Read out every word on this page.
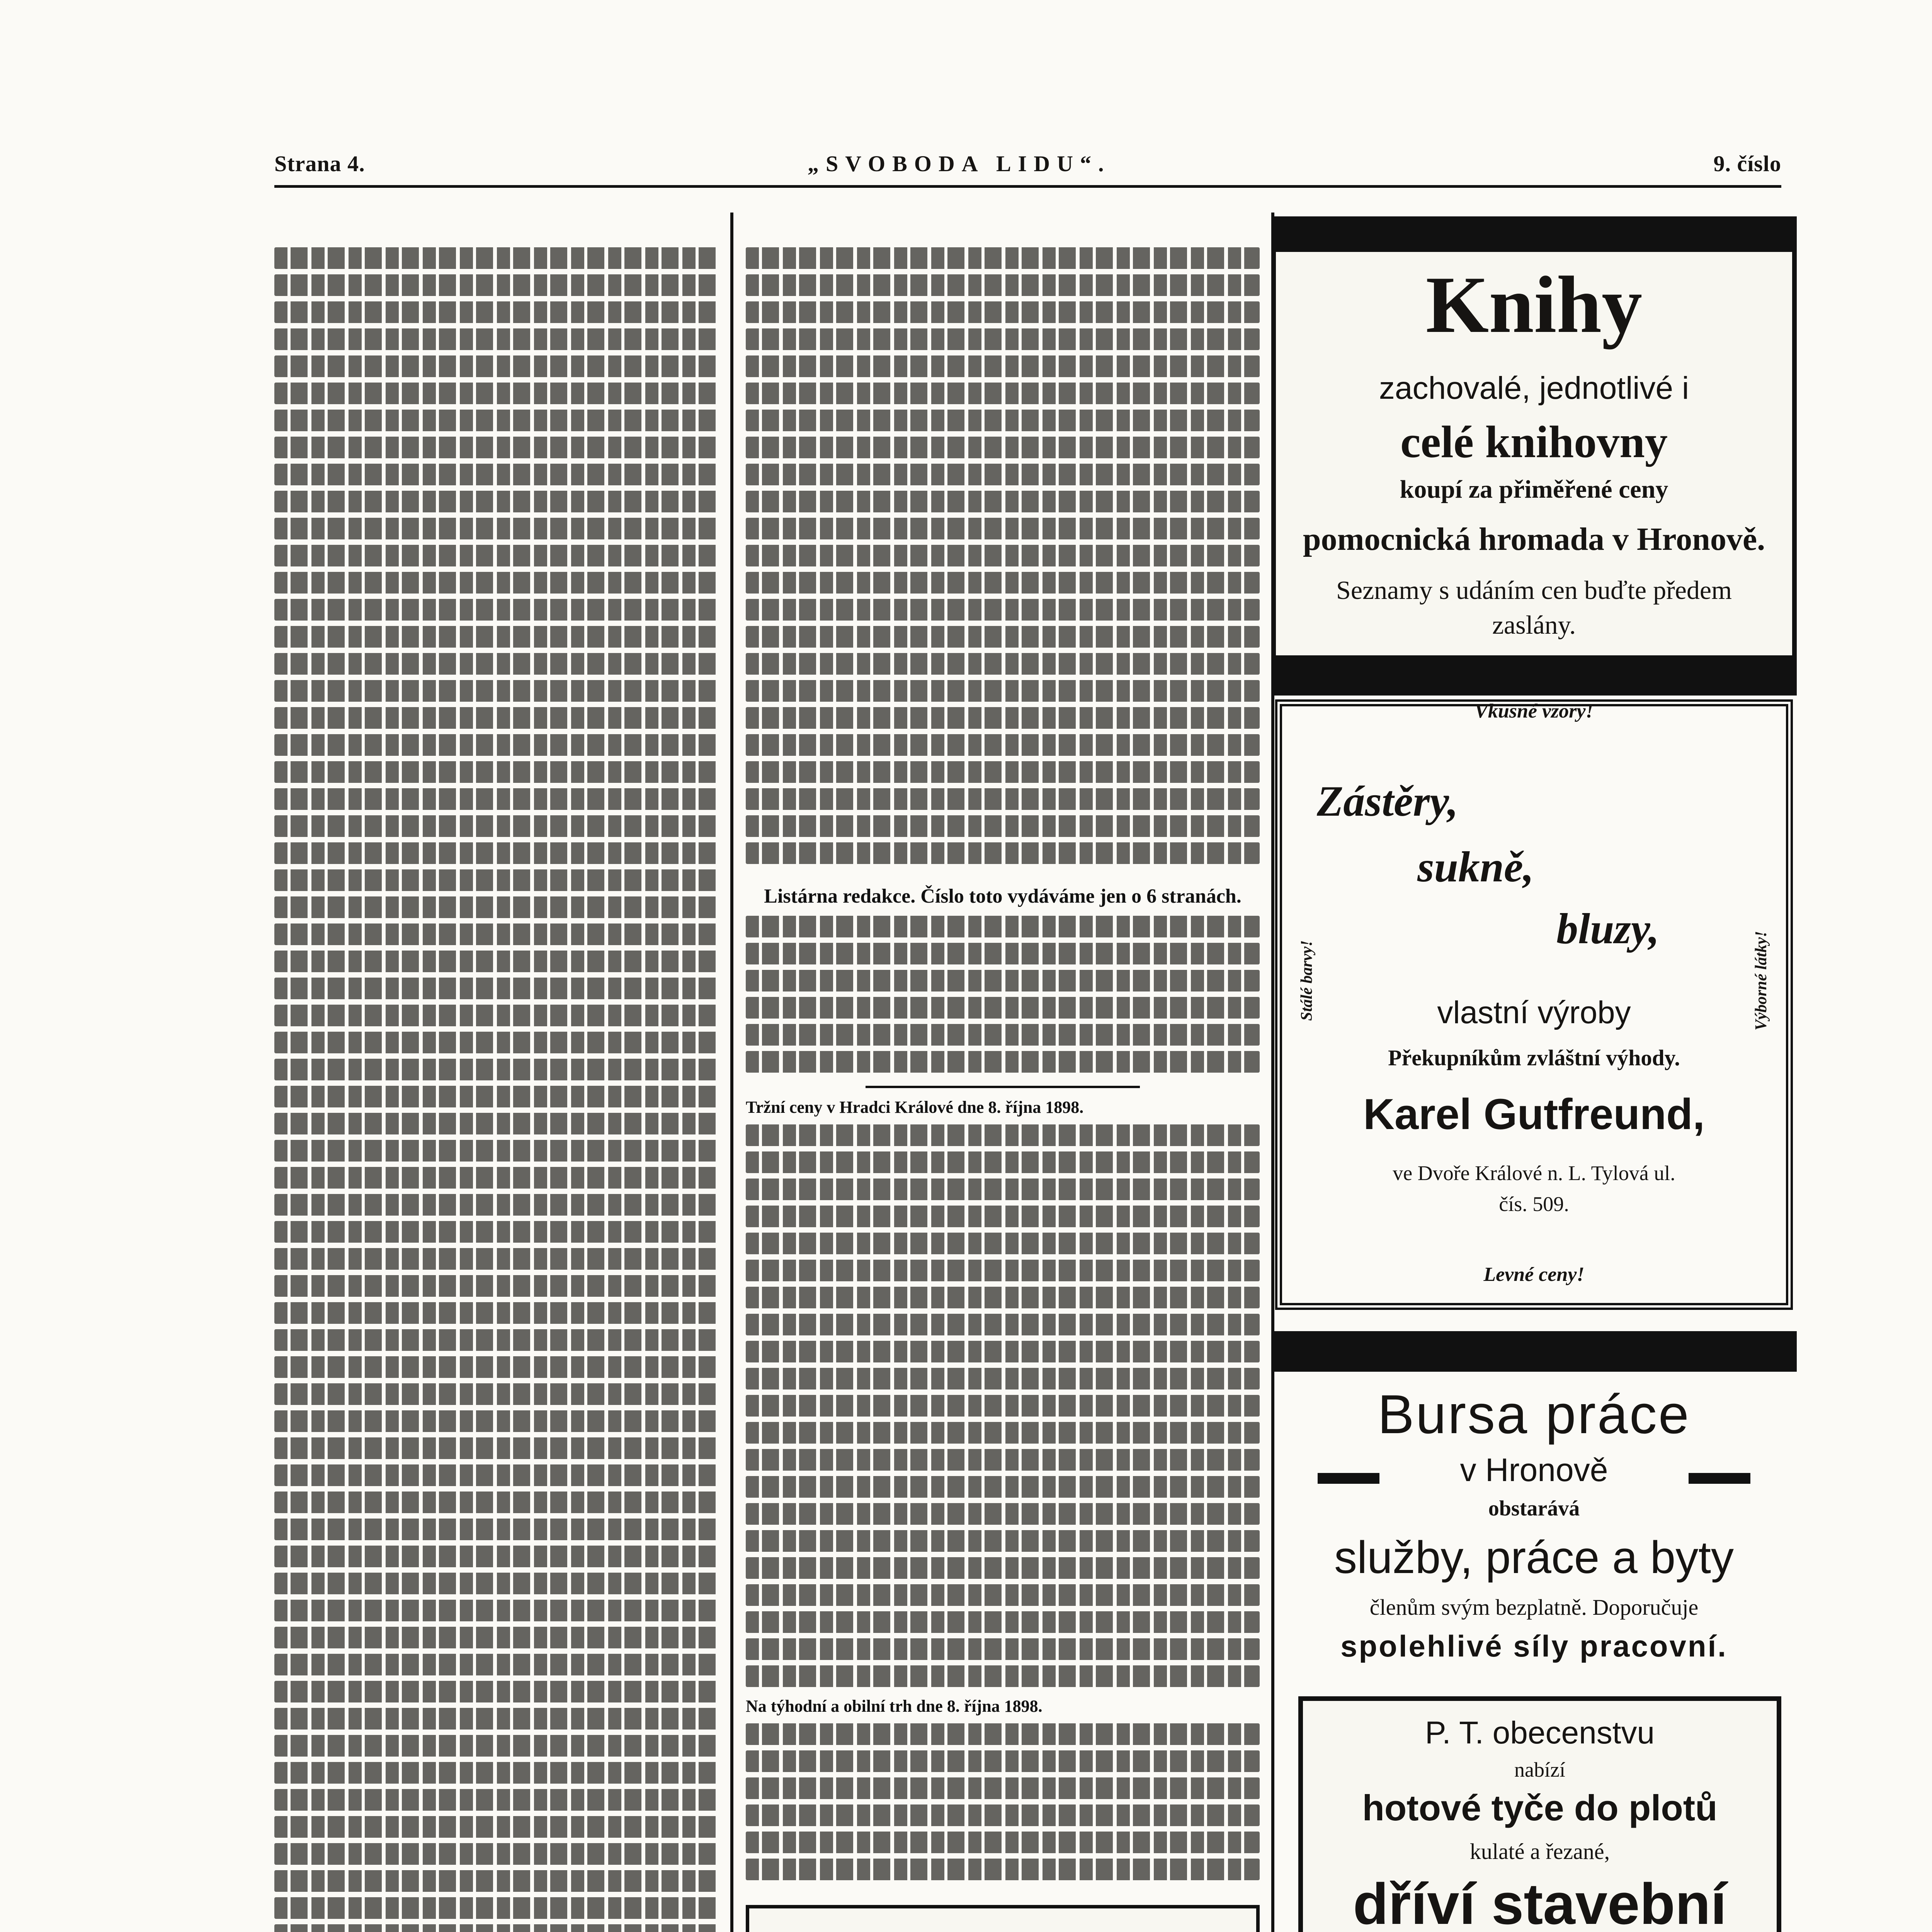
Strana 4.	„SVOBODA LIDU“.	9. číslo
Listárna redakce. Číslo toto vydáváme jen o 6 stranách.
Tržní ceny v Hradci Králové dne 8. října 1898.
Na týhodní a obilní trh dne 8. října 1898.
Knihy
zachovalé, jednotlivé i
celé knihovny
koupí za přiměřené ceny
pomocnická hromada v Hronově.
Seznamy s udáním cen buďte předem
zaslány.
Vkusné vzory!
Stálé barvy!	Výborné látky!
Zástěry,
sukně,
bluzy,
vlastní výroby
Překupníkům zvláštní výhody.
Karel Gutfreund,
ve Dvoře Králové n. L. Tylová ul.
čís. 509.
Levné ceny!
Bursa práce
v Hronově
obstarává
služby, práce a byty
členům svým bezplatně. Doporučuje
spolehlivé síly pracovní.
P. T. obecenstvu
nabízí
hotové tyče do plotů
kulaté a řezané,
dříví stavební
